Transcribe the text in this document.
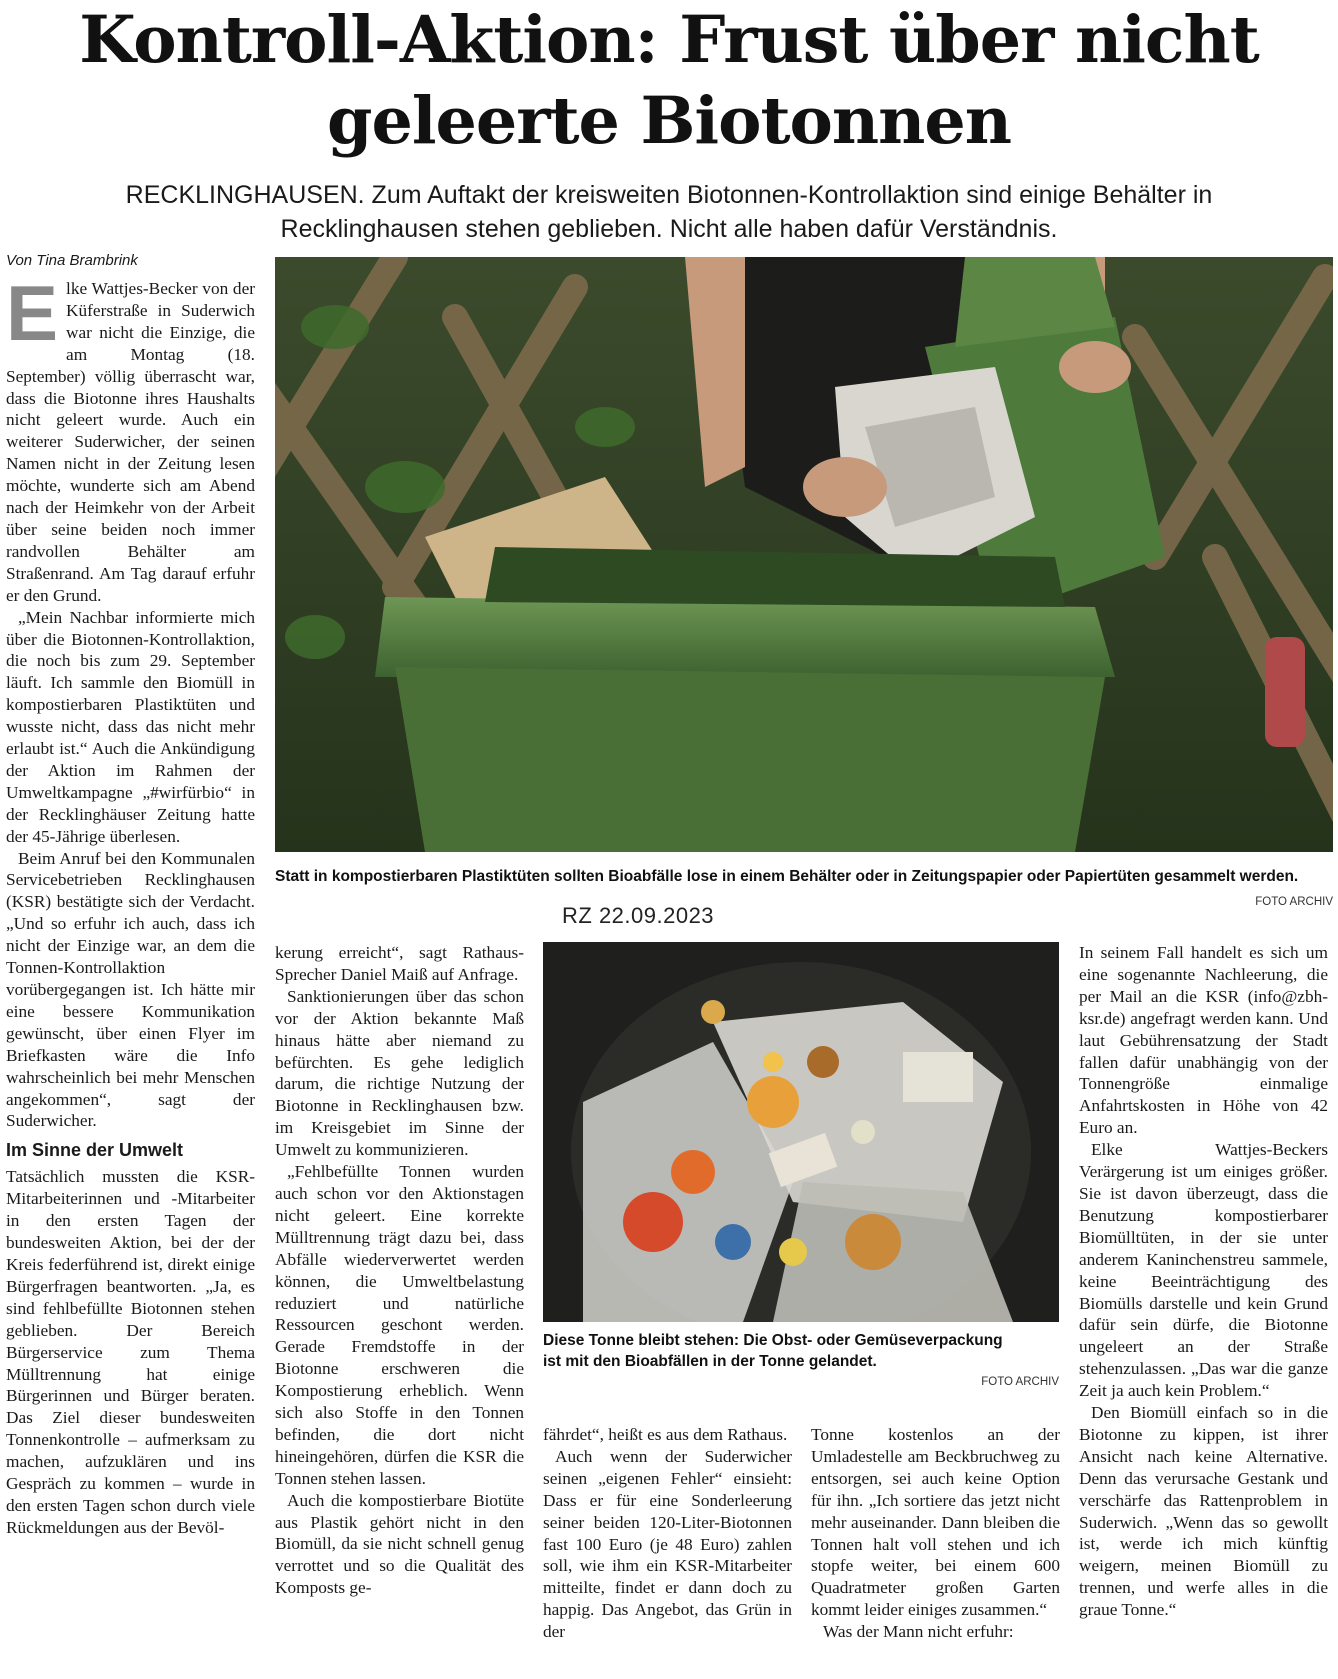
Kontroll-Aktion: Frust über nicht
geleerte Biotonnen
RECKLINGHAUSEN. Zum Auftakt der kreisweiten Biotonnen-Kontrollaktion sind einige Behälter in Recklinghausen stehen geblieben. Nicht alle haben dafür Verständnis.
Von Tina Brambrink
Statt in kompostierbaren Plastiktüten sollten Bioabfälle lose in einem Behälter oder in Zeitungspapier oder Papiertüten gesammelt werden.
FOTO ARCHIV
RZ 22.09.2023
Diese Tonne bleibt stehen: Die Obst- oder Gemüseverpackung ist mit den Bioabfällen in der Tonne gelandet.
FOTO ARCHIV

Elke Wattjes-Becker von der Küferstraße in Suderwich war nicht die Einzige, die am Montag (18. September) völlig überrascht war, dass die Biotonne ihres Haushalts nicht geleert wurde. Auch ein weiterer Suderwicher, der seinen Namen nicht in der Zeitung lesen möchte, wunderte sich am Abend nach der Heimkehr von der Arbeit über seine beiden noch immer randvollen Behälter am Straßenrand. Am Tag darauf erfuhr er den Grund.

„Mein Nachbar informierte mich über die Biotonnen-Kontrollaktion, die noch bis zum 29. September läuft. Ich sammle den Biomüll in kompostierbaren Plastiktüten und wusste nicht, dass das nicht mehr erlaubt ist.“ Auch die Ankündigung der Aktion im Rahmen der Umweltkampagne „#wirfürbio“ in der Recklinghäuser Zeitung hatte der 45-Jährige überlesen.

Beim Anruf bei den Kommunalen Servicebetrieben Recklinghausen (KSR) bestätigte sich der Verdacht. „Und so erfuhr ich auch, dass ich nicht der Einzige war, an dem die Tonnen-Kontrollaktion vorübergegangen ist. Ich hätte mir eine bessere Kommunikation gewünscht, über einen Flyer im Briefkasten wäre die Info wahrscheinlich bei mehr Menschen angekommen“, sagt der Suderwicher.

Im Sinne der Umwelt

Tatsächlich mussten die KSR-Mitarbeiterinnen und -Mitarbeiter in den ersten Tagen der bundesweiten Aktion, bei der der Kreis federführend ist, direkt einige Bürgerfragen beantworten. „Ja, es sind fehlbefüllte Biotonnen stehen geblieben. Der Bereich Bürgerservice zum Thema Mülltrennung hat einige Bürgerinnen und Bürger beraten. Das Ziel dieser bundesweiten Tonnenkontrolle – aufmerksam zu machen, aufzuklären und ins Gespräch zu kommen – wurde in den ersten Tagen schon durch viele Rückmeldungen aus der Bevöl-

kerung erreicht“, sagt Rathaus-Sprecher Daniel Maiß auf Anfrage.

Sanktionierungen über das schon vor der Aktion bekannte Maß hinaus hätte aber niemand zu befürchten. Es gehe lediglich darum, die richtige Nutzung der Biotonne in Recklinghausen bzw. im Kreisgebiet im Sinne der Umwelt zu kommunizieren.

„Fehlbefüllte Tonnen wurden auch schon vor den Aktionstagen nicht geleert. Eine korrekte Mülltrennung trägt dazu bei, dass Abfälle wiederverwertet werden können, die Umweltbelastung reduziert und natürliche Ressourcen geschont werden. Gerade Fremdstoffe in der Biotonne erschweren die Kompostierung erheblich. Wenn sich also Stoffe in den Tonnen befinden, die dort nicht hineingehören, dürfen die KSR die Tonnen stehen lassen.

Auch die kompostierbare Biotüte aus Plastik gehört nicht in den Biomüll, da sie nicht schnell genug verrottet und so die Qualität des Komposts ge-

fährdet“, heißt es aus dem Rathaus.

Auch wenn der Suderwicher seinen „eigenen Fehler“ einsieht: Dass er für eine Sonderleerung seiner beiden 120-Liter-Biotonnen fast 100 Euro (je 48 Euro) zahlen soll, wie ihm ein KSR-Mitarbeiter mitteilte, findet er dann doch zu happig. Das Angebot, das Grün in der

Tonne kostenlos an der Umladestelle am Beckbruchweg zu entsorgen, sei auch keine Option für ihn. „Ich sortiere das jetzt nicht mehr auseinander. Dann bleiben die Tonnen halt voll stehen und ich stopfe weiter, bei einem 600 Quadratmeter großen Garten kommt leider einiges zusammen.“

Was der Mann nicht erfuhr:

In seinem Fall handelt es sich um eine sogenannte Nachleerung, die per Mail an die KSR (info@zbh-ksr.de) angefragt werden kann. Und laut Gebührensatzung der Stadt fallen dafür unabhängig von der Tonnengröße einmalige Anfahrtskosten in Höhe von 42 Euro an.

Elke Wattjes-Beckers Verärgerung ist um einiges größer. Sie ist davon überzeugt, dass die Benutzung kompostierbarer Biomülltüten, in der sie unter anderem Kaninchenstreu sammele, keine Beeinträchtigung des Biomülls darstelle und kein Grund dafür sein dürfe, die Biotonne ungeleert an der Straße stehenzulassen. „Das war die ganze Zeit ja auch kein Problem.“

Den Biomüll einfach so in die Biotonne zu kippen, ist ihrer Ansicht nach keine Alternative. Denn das verursache Gestank und verschärfe das Rattenproblem in Suderwich. „Wenn das so gewollt ist, werde ich mich künftig weigern, meinen Biomüll zu trennen, und werfe alles in die graue Tonne.“
